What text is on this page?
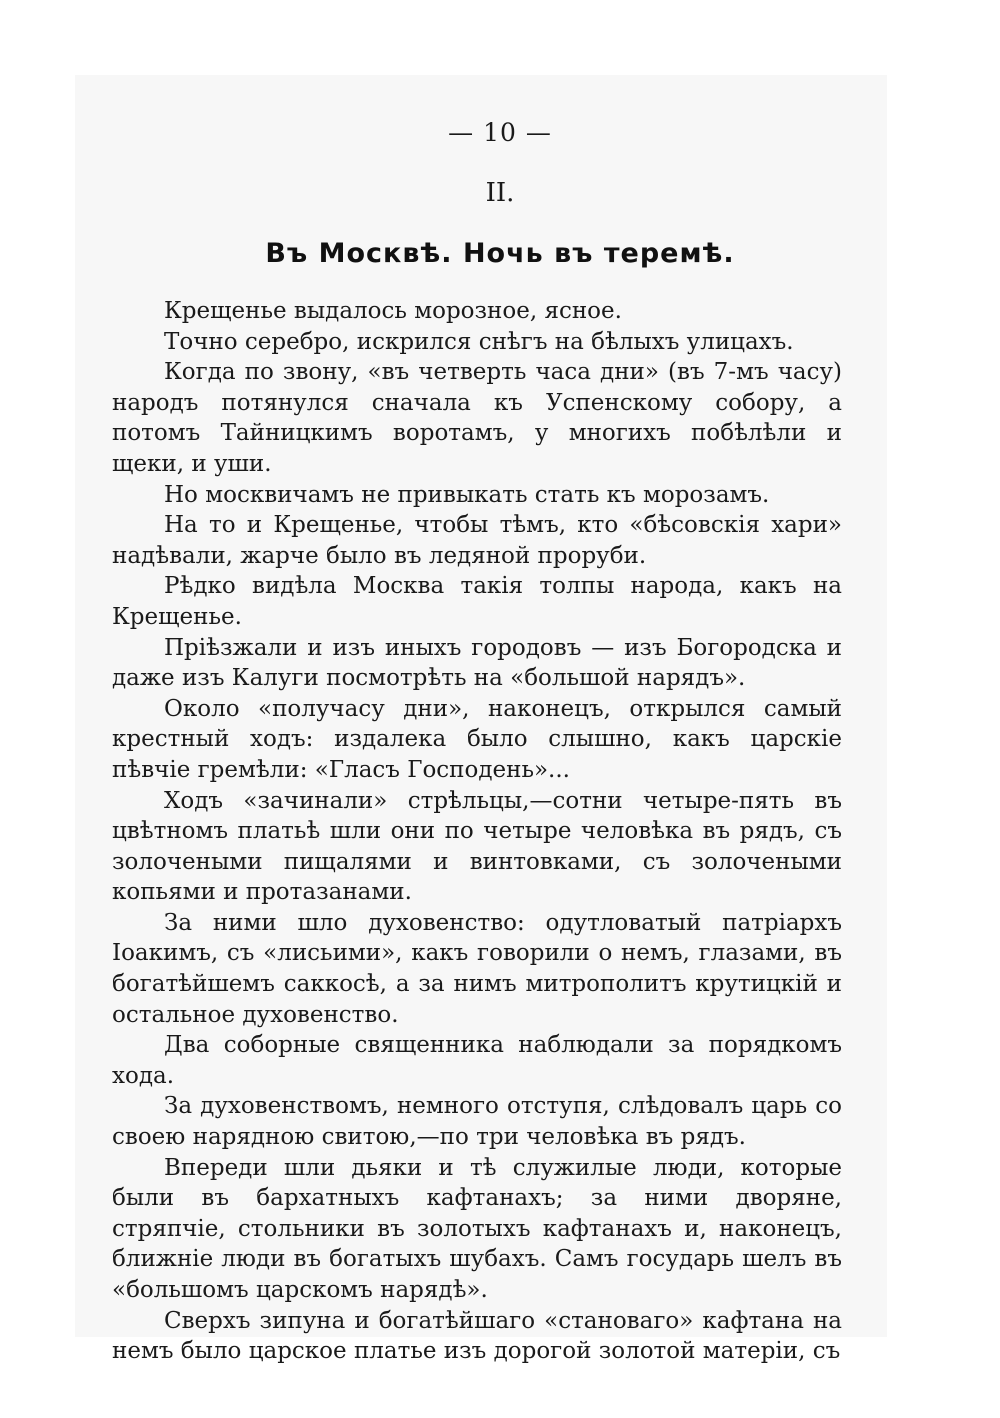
— 10 —
II.
Въ Москвѣ. Ночь въ теремѣ.

Крещенье выдалось морозное, ясное.

Точно серебро, искрился снѣгъ на бѣлыхъ улицахъ.

Когда по звону, «въ четверть часа дни» (въ 7-мъ часу) народъ потянулся сначала къ Успенскому собору, а потомъ Тайницкимъ воротамъ, у многихъ побѣлѣли и щеки, и уши.

Но москвичамъ не привыкать стать къ морозамъ.

На то и Крещенье, чтобы тѣмъ, кто «бѣсовскія хари» надѣвали, жарче было въ ледяной проруби.

Рѣдко видѣла Москва такія толпы народа, какъ на Крещенье.

Пріѣзжали и изъ иныхъ городовъ — изъ Богородска и даже изъ Калуги посмотрѣть на «большой нарядъ».

Около «получасу дни», наконецъ, открылся самый крестный ходъ: издалека было слышно, какъ царскіе пѣвчіе гремѣли: «Гласъ Господень»...

Ходъ «зачинали» стрѣльцы,—сотни четыре-пять въ цвѣтномъ платьѣ шли они по четыре человѣка въ рядъ, съ золочеными пищалями и винтовками, съ золочеными копьями и протазанами.

За ними шло духовенство: одутловатый патріархъ Іоакимъ, съ «лисьими», какъ говорили о немъ, глазами, въ богатѣйшемъ саккосѣ, а за нимъ митрополитъ крутицкій и остальное духовенство.

Два соборные священника наблюдали за порядкомъ хода.

За духовенствомъ, немного отступя, слѣдовалъ царь со своею нарядною свитою,—по три человѣка въ рядъ.

Впереди шли дьяки и тѣ служилые люди, которые были въ бархатныхъ кафтанахъ; за ними дворяне, стряпчіе, стольники въ золотыхъ кафтанахъ и, наконецъ, ближніе люди въ богатыхъ шубахъ. Самъ государь шелъ въ «большомъ царскомъ нарядѣ».

Сверхъ зипуна и богатѣйшаго «становаго» кафтана на немъ было царское платье изъ дорогой золотой матеріи, съ
